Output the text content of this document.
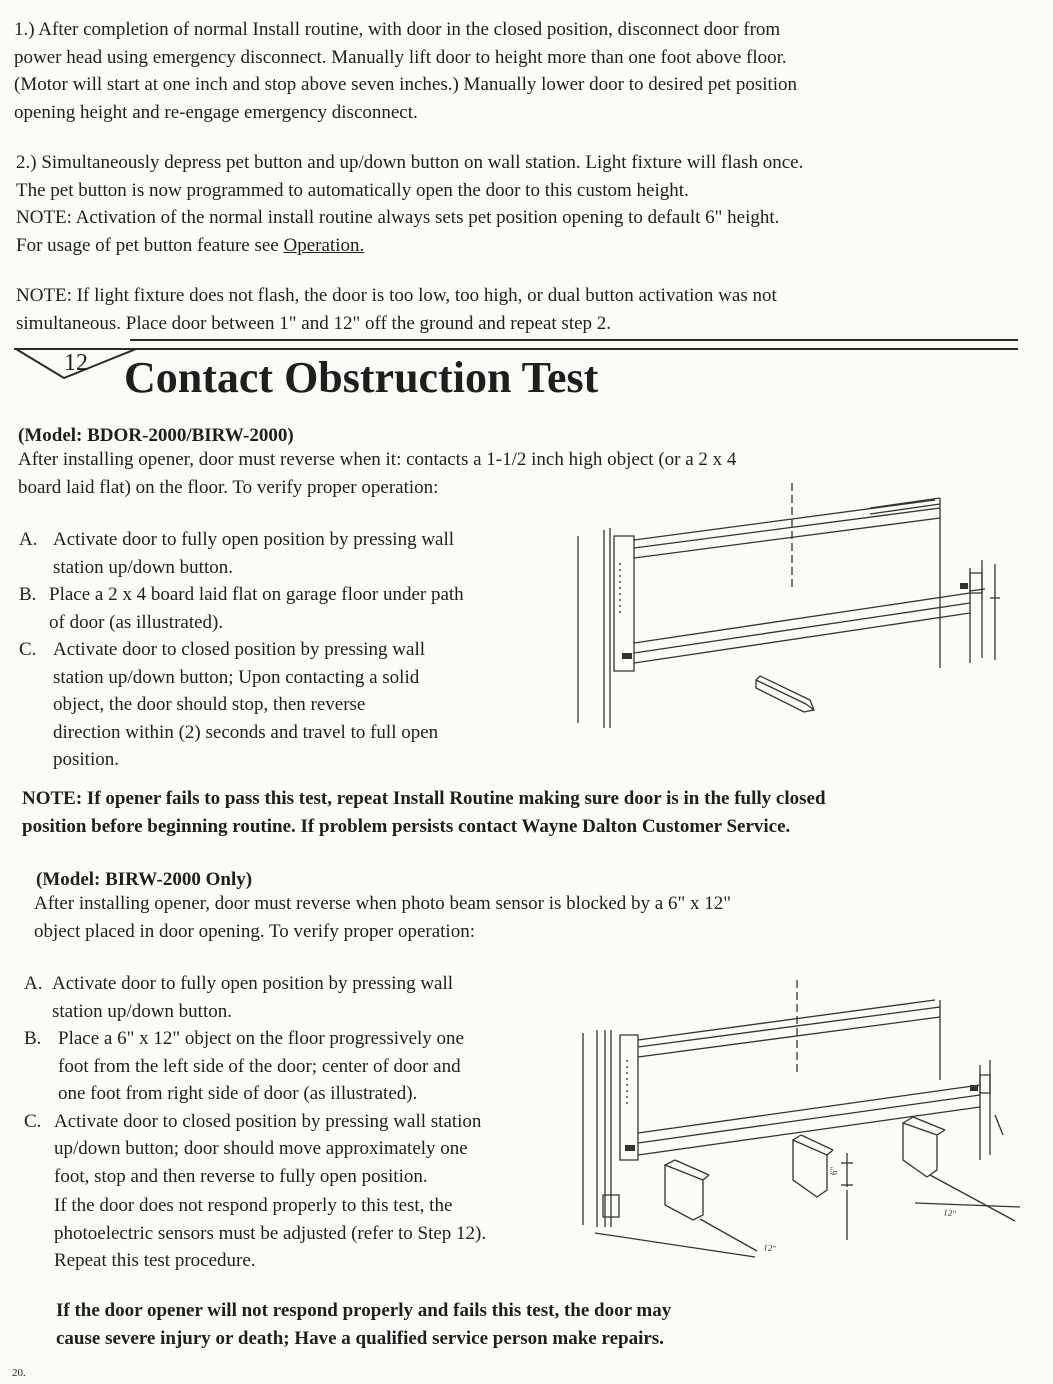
1.) After completion of normal Install routine, with door in the closed position, disconnect door from
power head using emergency disconnect. Manually lift door to height more than one foot above floor.
(Motor will start at one inch and stop above seven inches.) Manually lower door to desired pet position
opening height and re-engage emergency disconnect.
2.) Simultaneously depress pet button and up/down button on wall station. Light fixture will flash once.
The pet button is now programmed to automatically open the door to this custom height.
NOTE: Activation of the normal install routine always sets pet position opening to default 6" height.
For usage of pet button feature see Operation.
NOTE: If light fixture does not flash, the door is too low, too high, or dual button activation was not
simultaneous. Place door between 1" and 12" off the ground and repeat step 2.
12 Contact Obstruction Test
(Model: BDOR-2000/BIRW-2000)
After installing opener, door must reverse when it: contacts a 1-1/2 inch high object (or a 2 x 4
board laid flat) on the floor. To verify proper operation:
A. Activate door to fully open position by pressing wall
station up/down button.
B. Place a 2 x 4 board laid flat on garage floor under path
of door (as illustrated).
C. Activate door to closed position by pressing wall
station up/down button; Upon contacting a solid
object, the door should stop, then reverse
direction within (2) seconds and travel to full open
position.
NOTE: If opener fails to pass this test, repeat Install Routine making sure door is in the fully closed
position before beginning routine. If problem persists contact Wayne Dalton Customer Service.
(Model: BIRW-2000 Only)
After installing opener, door must reverse when photo beam sensor is blocked by a 6" x 12"
object placed in door opening. To verify proper operation:
A. Activate door to fully open position by pressing wall
station up/down button.
B. Place a 6" x 12" object on the floor progressively one
foot from the left side of the door; center of door and
one foot from right side of door (as illustrated).
C. Activate door to closed position by pressing wall station
up/down button; door should move approximately one
foot, stop and then reverse to fully open position.
If the door does not respond properly to this test, the
photoelectric sensors must be adjusted (refer to Step 12).
Repeat this test procedure.
12"
6"
12"
If the door opener will not respond properly and fails this test, the door may
cause severe injury or death; Have a qualified service person make repairs.
20.
